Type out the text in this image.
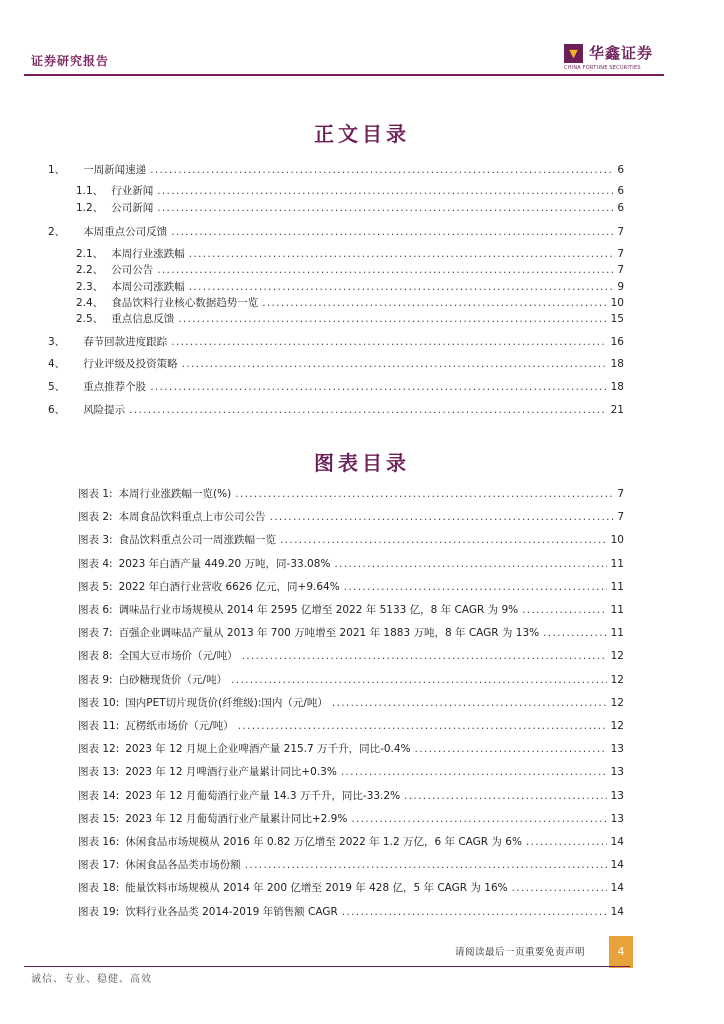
证券研究报告
▼ 华鑫证券
CHINA FORTUNE SECURITIES
正文目录
1、	一周新闻速递 . . .	6
1.1、 行业新闻 . . .	6
1.2、 公司新闻 . . .	6
2、	本周重点公司反馈 . . .	7
2.1、 本周行业涨跌幅 . . .	7
2.2、 公司公告 . . .	7
2.3、 本周公司涨跌幅 . . .	9
2.4、 食品饮料行业核心数据趋势一览 . . .	10
2.5、 重点信息反馈 . . .	15
3、	春节回款进度跟踪 . . .	16
4、	行业评级及投资策略 . . .	18
5、	重点推荐个股 . . .	18
6、	风险提示 . . .	21
图表目录
图表 1: 本周行业涨跌幅一览(%) . . .	7
图表 2: 本周食品饮料重点上市公司公告 . . .	7
图表 3: 食品饮料重点公司一周涨跌幅一览 . . .	10
图表 4: 2023 年白酒产量 449.20 万吨，同-33.08% . . .	11
图表 5: 2022 年白酒行业营收 6626 亿元，同+9.64% . . .	11
图表 6: 调味品行业市场规模从 2014 年 2595 亿增至 2022 年 5133 亿，8 年 CAGR 为 9% . . .	11
图表 7: 百强企业调味品产量从 2013 年 700 万吨增至 2021 年 1883 万吨，8 年 CAGR 为 13% . . .	11
图表 8: 全国大豆市场价（元/吨） . . .	12
图表 9: 白砂糖现货价（元/吨） . . .	12
图表 10: 国内PET切片现货价(纤维级):国内（元/吨） . . .	12
图表 11: 瓦楞纸市场价（元/吨） . . .	12
图表 12: 2023 年 12 月规上企业啤酒产量 215.7 万千升，同比-0.4% . . .	13
图表 13: 2023 年 12 月啤酒行业产量累计同比+0.3% . . .	13
图表 14: 2023 年 12 月葡萄酒行业产量 14.3 万千升，同比-33.2% . . .	13
图表 15: 2023 年 12 月葡萄酒行业产量累计同比+2.9% . . .	13
图表 16: 休闲食品市场规模从 2016 年 0.82 万亿增至 2022 年 1.2 万亿，6 年 CAGR 为 6% . . .	14
图表 17: 休闲食品各品类市场份额 . . .	14
图表 18: 能量饮料市场规模从 2014 年 200 亿增至 2019 年 428 亿，5 年 CAGR 为 16% . . .	14
图表 19: 饮料行业各品类 2014-2019 年销售额 CAGR . . .	14
请阅读最后一页重要免责声明	4
诚信、专业、稳健、高效
